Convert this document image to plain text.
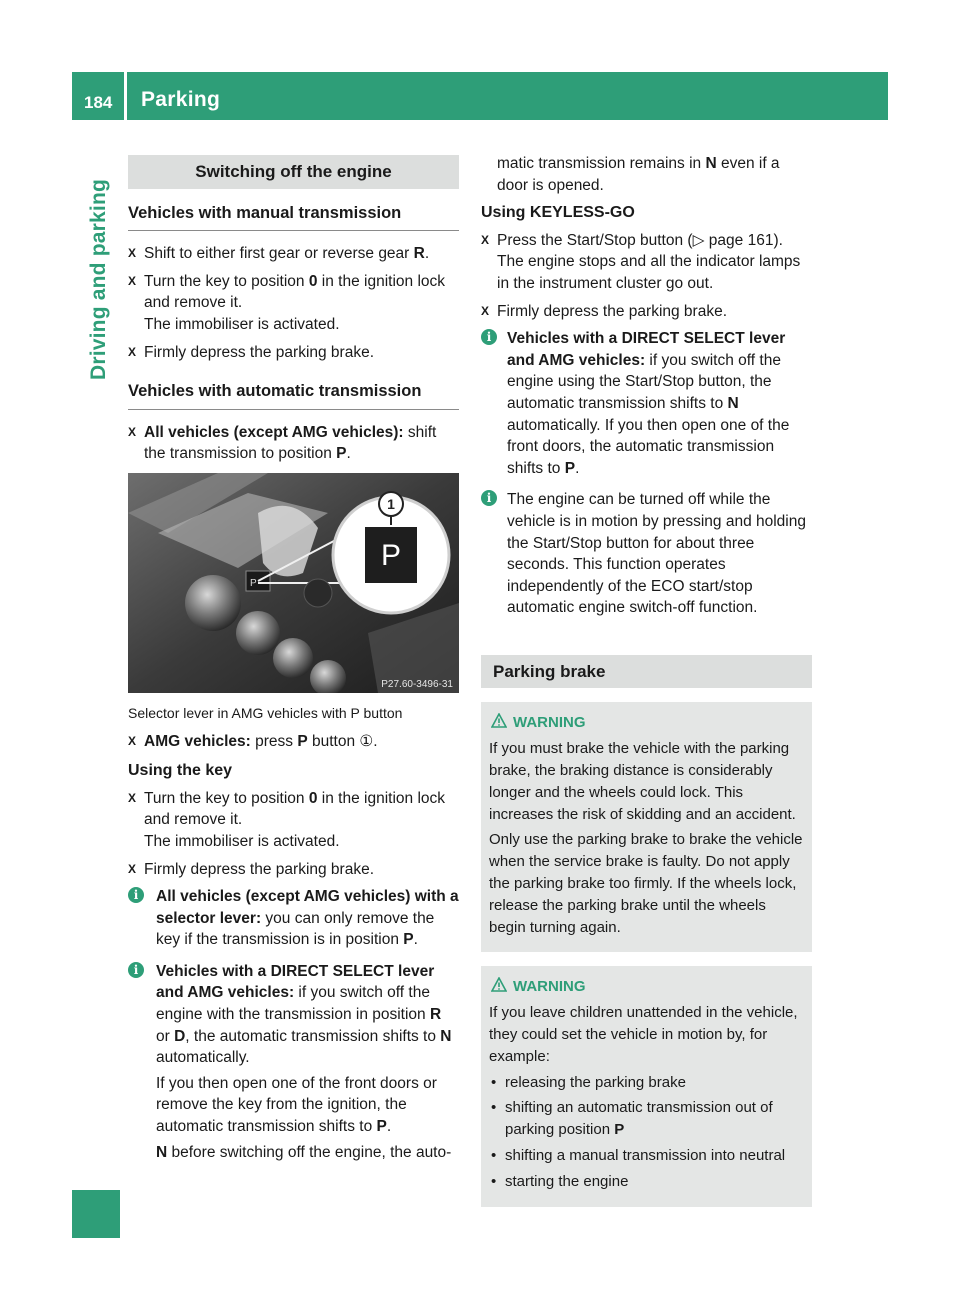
184 Parking
Driving and parking
Switching off the engine
Vehicles with manual transmission
X Shift to either first gear or reverse gear R.
X Turn the key to position 0 in the ignition lock and remove it.
The immobiliser is activated.
X Firmly depress the parking brake.
Vehicles with automatic transmission
X All vehicles (except AMG vehicles): shift the transmission to position P.
P
1
P
P27.60-3496-31
Selector lever in AMG vehicles with P button
X AMG vehicles: press P button ①.
Using the key
X Turn the key to position 0 in the ignition lock and remove it.
The immobiliser is activated.
X Firmly depress the parking brake.
i	All vehicles (except AMG vehicles) with a selector lever: you can only remove the key if the transmission is in position P.

i	Vehicles with a DIRECT SELECT lever and AMG vehicles: if you switch off the engine with the transmission in position R or D, the automatic transmission shifts to N automatically.

If you then open one of the front doors or remove the key from the ignition, the automatic transmission shifts to P.

N before switching off the engine, the auto-

matic transmission remains in N even if a door is opened.
Using KEYLESS-GO
X Press the Start/Stop button (▷ page 161). The engine stops and all the indicator lamps in the instrument cluster go out.
X Firmly depress the parking brake.
i	Vehicles with a DIRECT SELECT lever and AMG vehicles: if you switch off the engine using the Start/Stop button, the automatic transmission shifts to N automatically. If you then open one of the front doors, the automatic transmission shifts to P.

i	The engine can be turned off while the vehicle is in motion by pressing and holding the Start/Stop button for about three seconds. This function operates independently of the ECO start/stop automatic engine switch-off function.

Parking brake
WARNING

If you must brake the vehicle with the parking brake, the braking distance is considerably longer and the wheels could lock. This increases the risk of skidding and an accident.

Only use the parking brake to brake the vehicle when the service brake is faulty. Do not apply the parking brake too firmly. If the wheels lock, release the parking brake until the wheels begin turning again.

WARNING

If you leave children unattended in the vehicle, they could set the vehicle in motion by, for example:

• releasing the parking brake
• shifting an automatic transmission out of parking position P
• shifting a manual transmission into neutral
• starting the engine
